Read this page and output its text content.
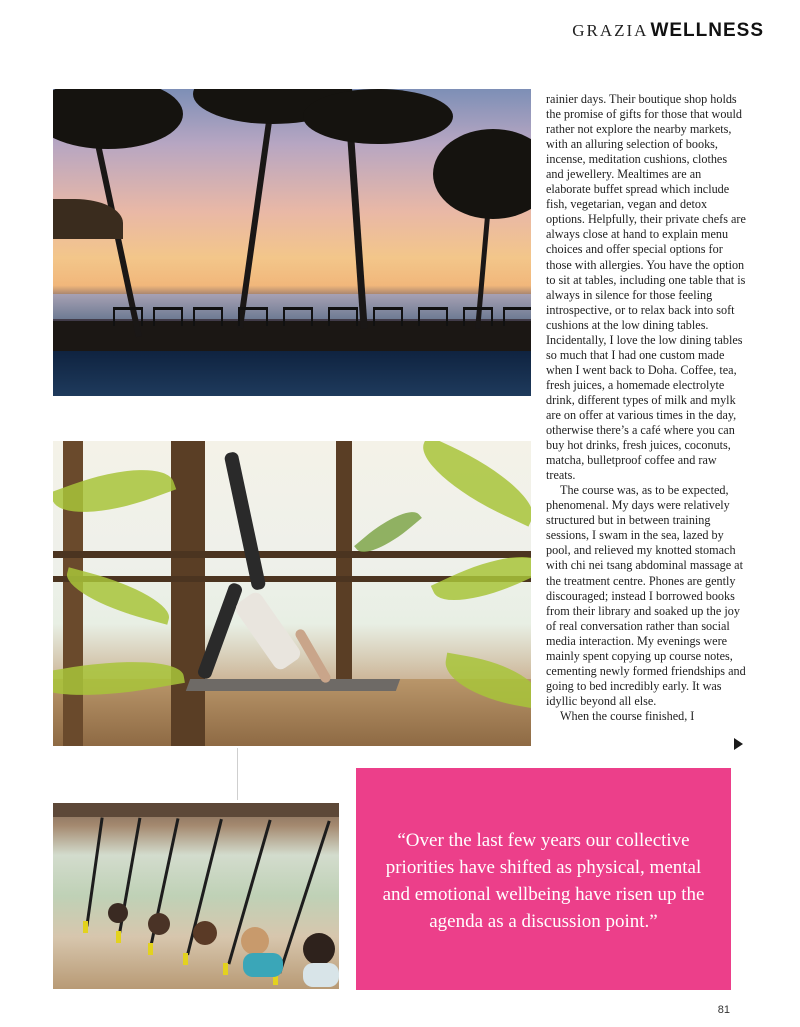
GRAZIA WELLNESS

rainier days. Their boutique shop holds the promise of gifts for those that would rather not explore the nearby markets, with an alluring selection of books, incense, meditation cushions, clothes and jewellery. Mealtimes are an elaborate buffet spread which include fish, vegetarian, vegan and detox options. Helpfully, their private chefs are always close at hand to explain menu choices and offer special options for those with allergies. You have the option to sit at tables, including one table that is always in silence for those feeling introspective, or to relax back into soft cushions at the low dining tables. Incidentally, I love the low dining tables so much that I had one custom made when I went back to Doha. Coffee, tea, fresh juices, a homemade electrolyte drink, different types of milk and mylk are on offer at various times in the day, otherwise there’s a café where you can buy hot drinks, fresh juices, coconuts, matcha, bulletproof coffee and raw treats.

The course was, as to be expected, phenomenal. My days were relatively structured but in between training sessions, I swam in the sea, lazed by pool, and relieved my knotted stomach with chi nei tsang abdominal massage at the treatment centre. Phones are gently discouraged; instead I borrowed books from their library and soaked up the joy of real conversation rather than social media interaction. My evenings were mainly spent copying up course notes, cementing newly formed friendships and going to bed incredibly early. It was idyllic beyond all else.

When the course finished, I

“Over the last few years our collective priorities have shifted as physical, mental and emotional wellbeing have risen up the agenda as a discussion point.”

81
